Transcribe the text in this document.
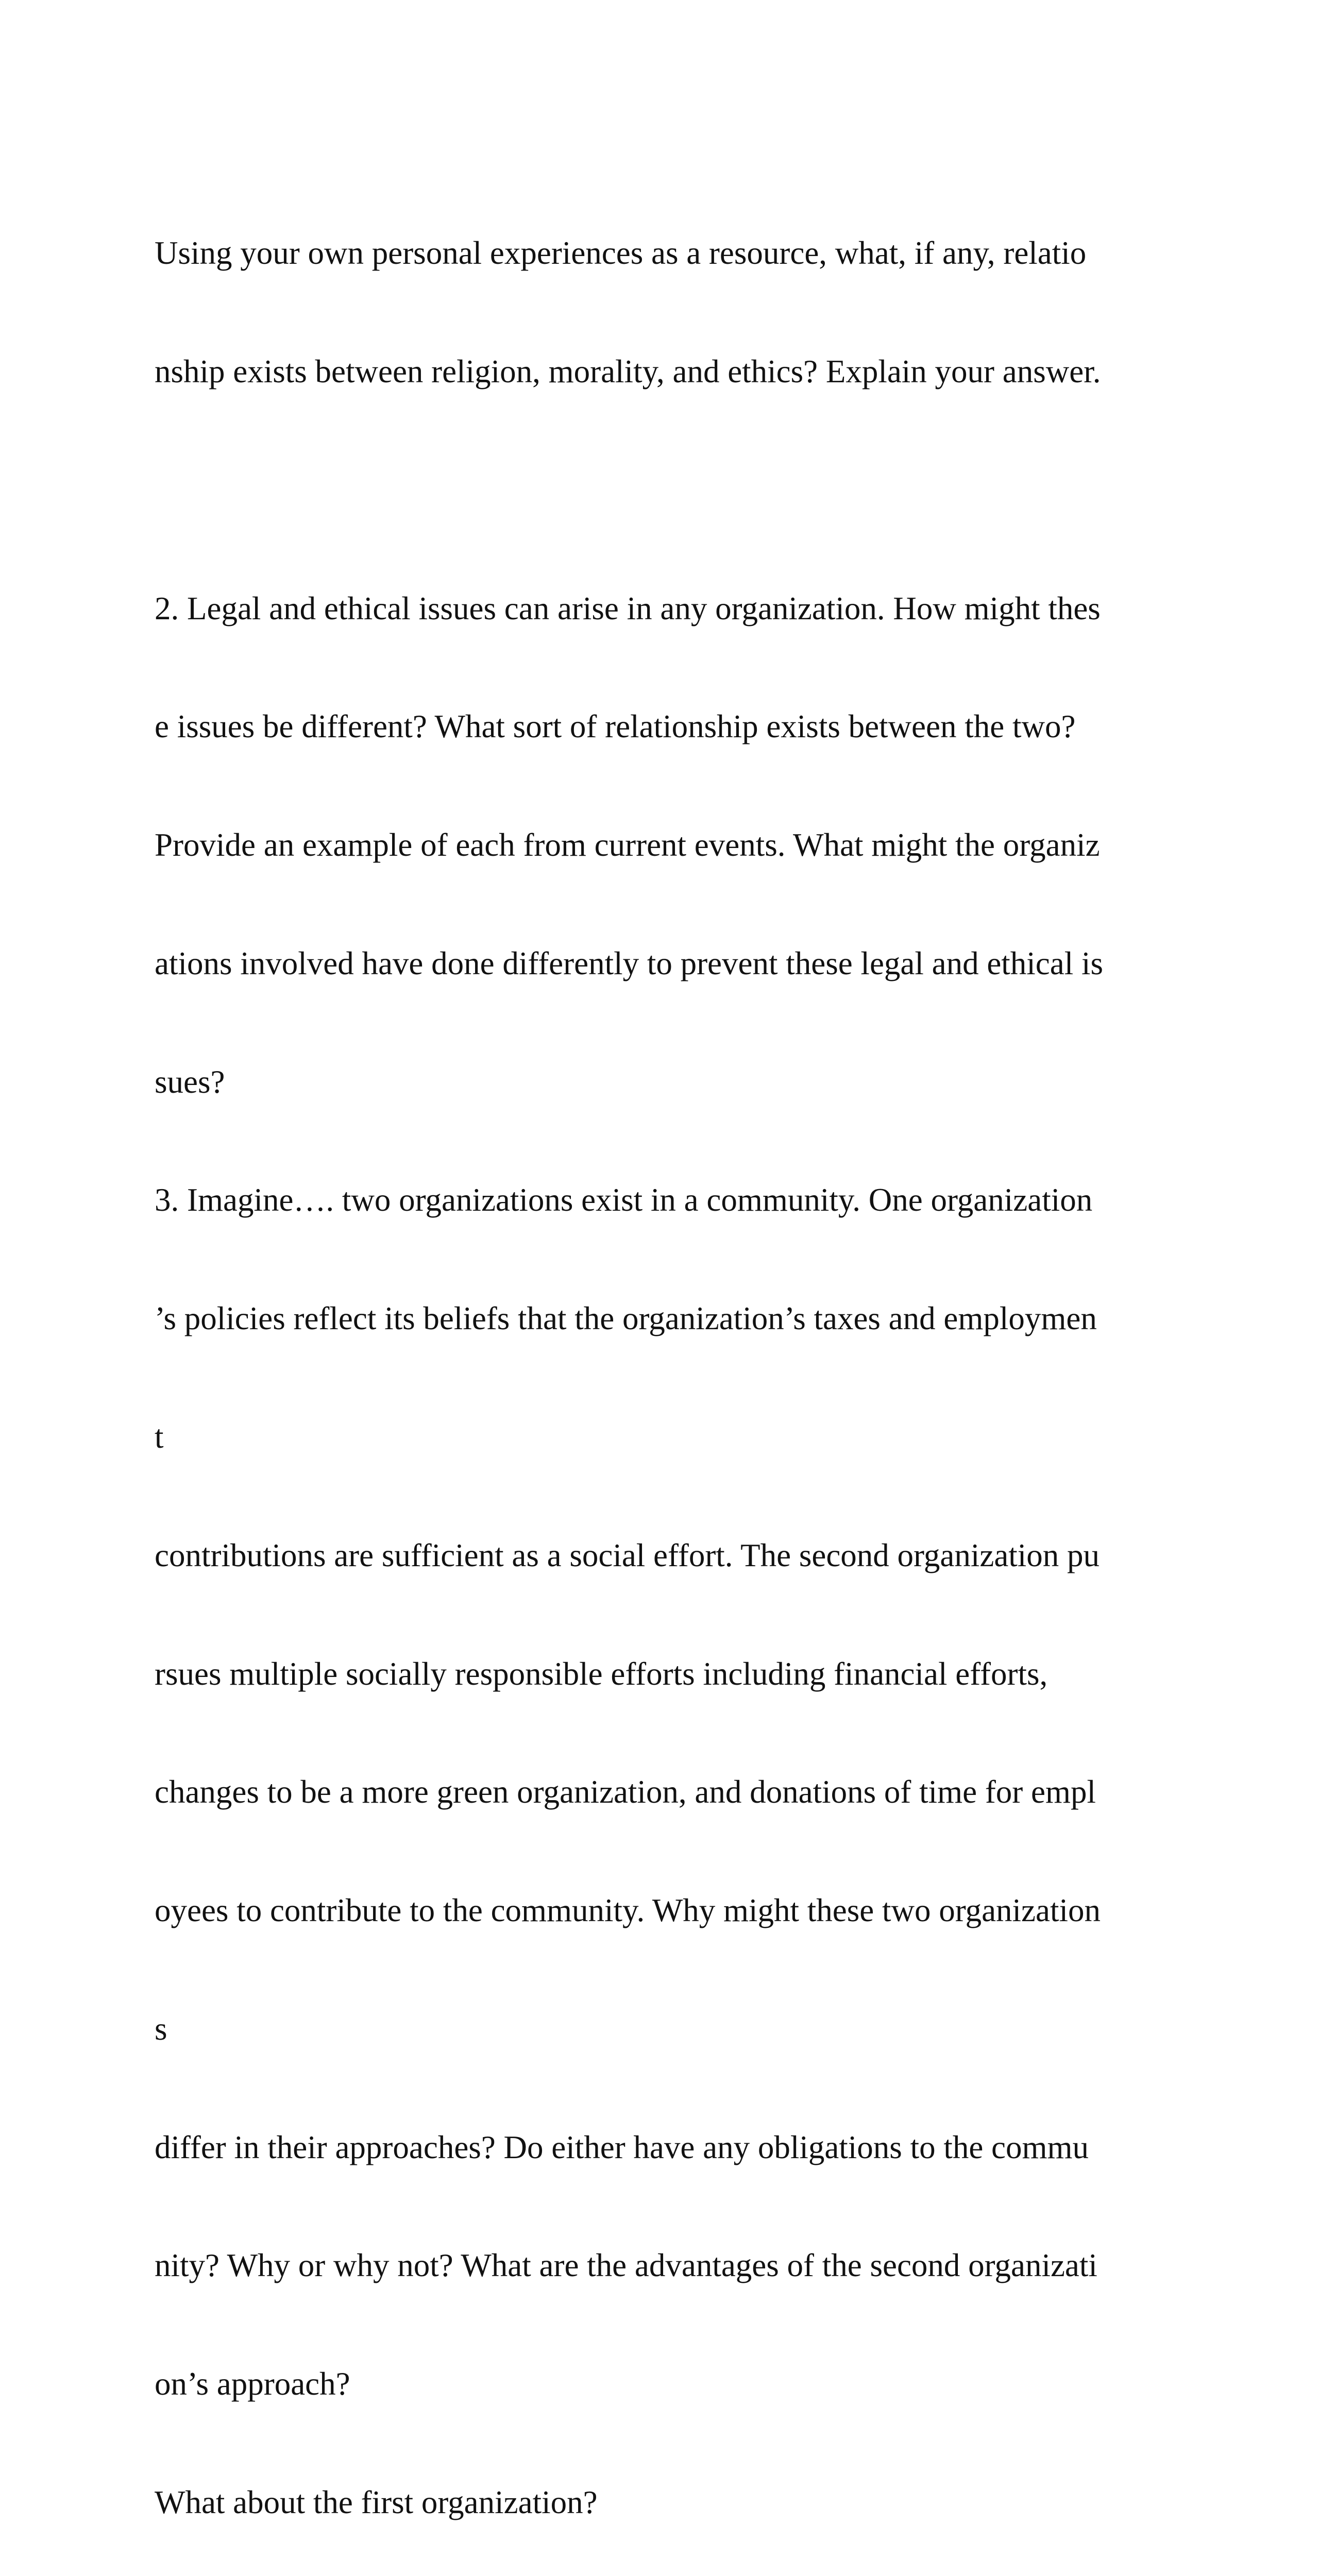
Using your own personal experiences as a resource, what, if any, relatio

nship exists between religion, morality, and ethics? Explain your answer.

2. Legal and ethical issues can arise in any organization. How might thes

e issues be different? What sort of relationship exists between the two?

Provide an example of each from current events. What might the organiz

ations involved have done differently to prevent these legal and ethical is

sues?

3. Imagine…. two organizations exist in a community. One organization

’s policies reflect its beliefs that the organization’s taxes and employmen

t

contributions are sufficient as a social effort. The second organization pu

rsues multiple socially responsible efforts including financial efforts,

changes to be a more green organization, and donations of time for empl

oyees to contribute to the community. Why might these two organization

s

differ in their approaches? Do either have any obligations to the commu

nity? Why or why not? What are the advantages of the second organizati

on’s approach?

What about the first organization?
